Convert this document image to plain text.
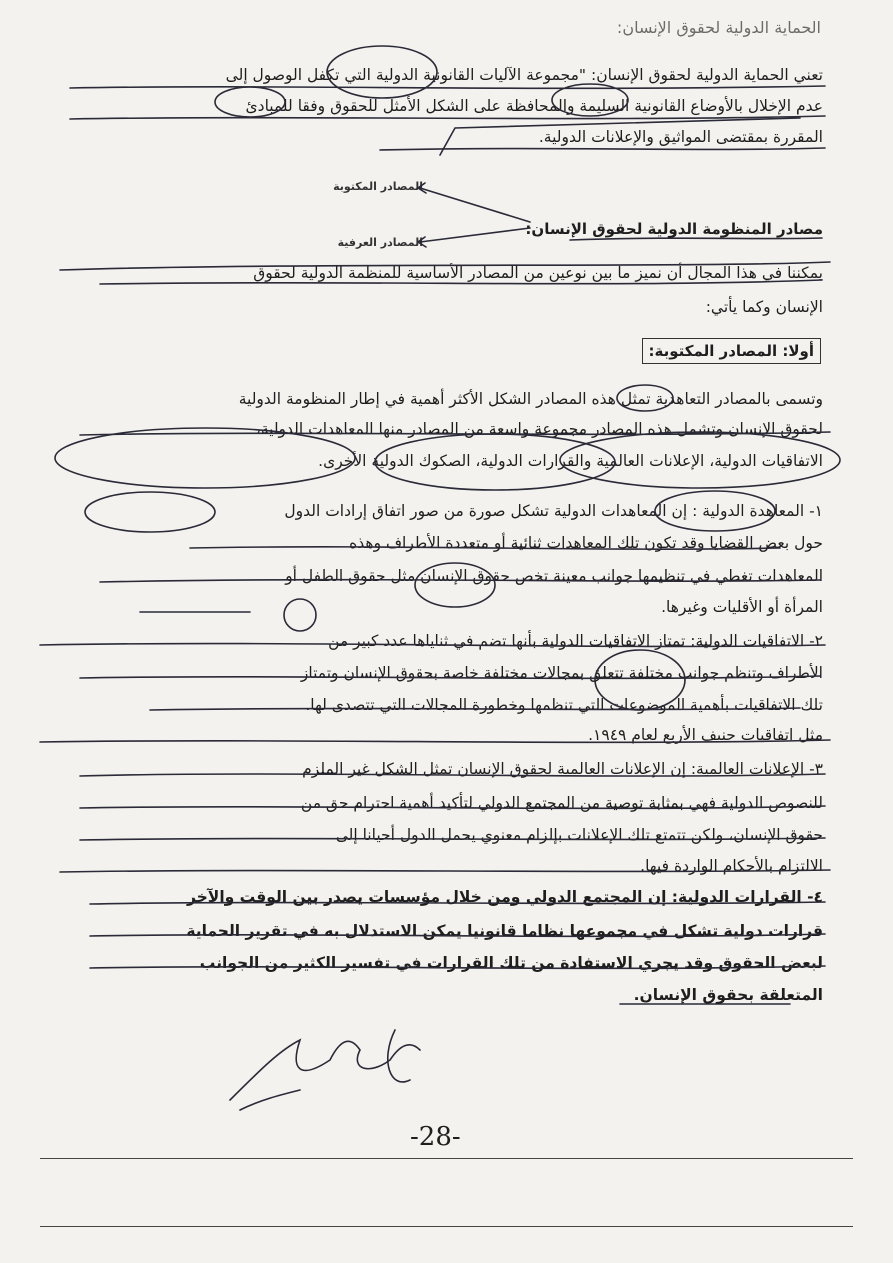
الحماية الدولية لحقوق الإنسان:
تعني الحماية الدولية لحقوق الإنسان: "مجموعة الآليات القانونية الدولية التي تكفل الوصول إلى
عدم الإخلال بالأوضاع القانونية السليمة والمحافظة على الشكل الأمثل للحقوق وفقا للمبادئ
المقررة بمقتضى المواثيق والإعلانات الدولية.
المصادر المكتوبة
المصادر العرفية
مصادر المنظومة الدولية لحقوق الإنسان:
يمكننا في هذا المجال أن نميز ما بين نوعين من المصادر الأساسية للمنظمة الدولية لحقوق
الإنسان وكما يأتي:
أولا: المصادر المكتوبة:
وتسمى بالمصادر التعاهدية تمثل هذه المصادر الشكل الأكثر أهمية في إطار المنظومة الدولية
لحقوق الإنسان وتشمل هذه المصادر مجموعة واسعة من المصادر منها المعاهدات الدولية،
الاتفاقيات الدولية، الإعلانات العالمية والقرارات الدولية، الصكوك الدولية الأخرى.
١- المعاهدة الدولية : إن المعاهدات الدولية تشكل صورة من صور اتفاق إرادات الدول
حول بعض القضايا وقد تكون تلك المعاهدات ثنائية أو متعددة الأطراف وهذه
المعاهدات تغطي في تنظيمها جوانب معينة تخص حقوق الإنسان مثل حقوق الطفل أو
المرأة أو الأقليات وغيرها.
٢- الاتفاقيات الدولية: تمتاز الاتفاقيات الدولية بأنها تضم في ثناياها عدد كبير من
الأطراف وتنظم جوانب مختلفة تتعلق بمجالات مختلفة خاصة بحقوق الإنسان وتمتاز
تلك الاتفاقيات بأهمية الموضوعات التي تنظمها وخطورة المجالات التي تتصدى لها.
مثل اتفاقيات جنيف الأربع لعام ١٩٤٩.
٣- الإعلانات العالمية: إن الإعلانات العالمية لحقوق الإنسان تمثل الشكل غير الملزم
للنصوص الدولية فهي بمثابة توصية من المجتمع الدولي لتأكيد أهمية احترام حق من
حقوق الإنسان، ولكن تتمتع تلك الإعلانات بإلزام معنوي يحمل الدول أحيانا إلى
الالتزام بالأحكام الواردة فيها.
٤- القرارات الدولية: إن المجتمع الدولي ومن خلال مؤسسات يصدر بين الوقت والآخر
قرارات دولية تشكل في مجموعها نظاما قانونيا يمكن الاستدلال به في تقرير الحماية
لبعض الحقوق وقد يجري الاستفادة من تلك القرارات في تفسير الكثير من الجوانب
المتعلقة بحقوق الإنسان.
-28-
